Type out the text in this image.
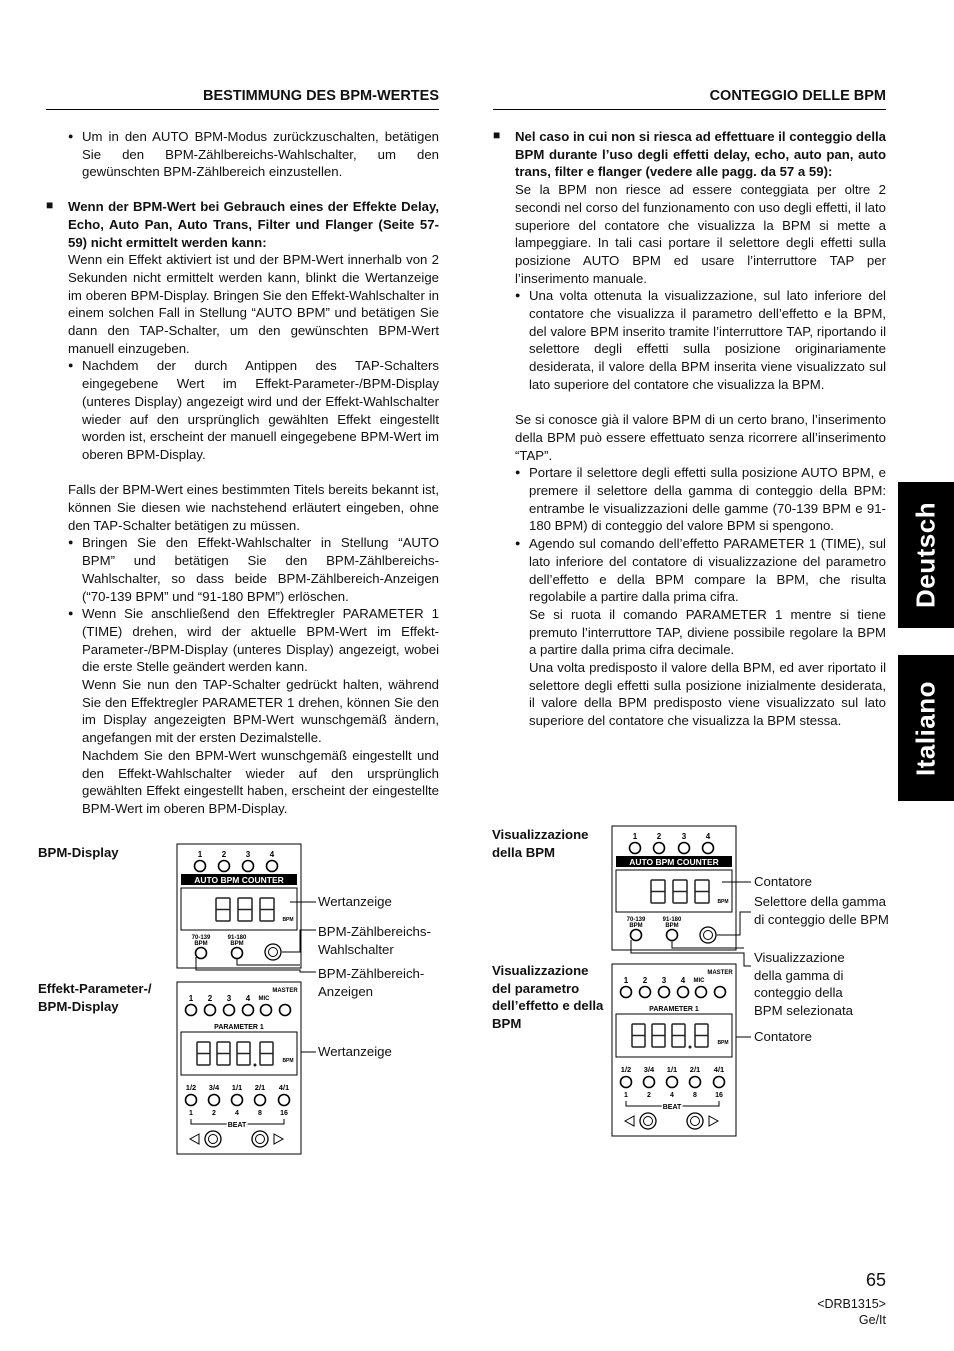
BESTIMMUNG DES BPM-WERTES
● Um in den AUTO BPM-Modus zurückzuschalten, betätigen Sie den BPM-Zählbereichs-Wahlschalter, um den gewünschten BPM-Zählbereich einzustellen.
■ Wenn der BPM-Wert bei Gebrauch eines der Effekte Delay, Echo, Auto Pan, Auto Trans, Filter und Flanger (Seite 57-59) nicht ermittelt werden kann:
Wenn ein Effekt aktiviert ist und der BPM-Wert innerhalb von 2 Sekunden nicht ermittelt werden kann, blinkt die Wertanzeige im oberen BPM-Display. Bringen Sie den Effekt-Wahlschalter in einem solchen Fall in Stellung “AUTO BPM” und betätigen Sie dann den TAP-Schalter, um den gewünschten BPM-Wert manuell einzugeben.
● Nachdem der durch Antippen des TAP-Schalters eingegebene Wert im Effekt-Parameter-/BPM-Display (unteres Display) angezeigt wird und der Effekt-Wahlschalter wieder auf den ursprünglich gewählten Effekt eingestellt worden ist, erscheint der manuell eingegebene BPM-Wert im oberen BPM-Display.
Falls der BPM-Wert eines bestimmten Titels bereits bekannt ist, können Sie diesen wie nachstehend erläutert eingeben, ohne den TAP-Schalter betätigen zu müssen.
● Bringen Sie den Effekt-Wahlschalter in Stellung “AUTO BPM” und betätigen Sie den BPM-Zählbereichs-Wahlschalter, so dass beide BPM-Zählbereich-Anzeigen (“70-139 BPM” und “91-180 BPM”) erlöschen.
● Wenn Sie anschließend den Effektregler PARAMETER 1 (TIME) drehen, wird der aktuelle BPM-Wert im Effekt-Parameter-/BPM-Display (unteres Display) angezeigt, wobei die erste Stelle geändert werden kann.
Wenn Sie nun den TAP-Schalter gedrückt halten, während Sie den Effektregler PARAMETER 1 drehen, können Sie den im Display angezeigten BPM-Wert wunschgemäß ändern, angefangen mit der ersten Dezimalstelle.
Nachdem Sie den BPM-Wert wunschgemäß eingestellt und den Effekt-Wahlschalter wieder auf den ursprünglich gewählten Effekt eingestellt haben, erscheint der eingestellte BPM-Wert im oberen BPM-Display.
CONTEGGIO DELLE BPM
■ Nel caso in cui non si riesca ad effettuare il conteggio della BPM durante l’uso degli effetti delay, echo, auto pan, auto trans, filter e flanger (vedere alle pagg. da 57 a 59):
Se la BPM non riesce ad essere conteggiata per oltre 2 secondi nel corso del funzionamento con uso degli effetti, il lato superiore del contatore che visualizza la BPM si mette a lampeggiare. In tali casi portare il selettore degli effetti sulla posizione AUTO BPM ed usare l’interruttore TAP per l’inserimento manuale.
● Una volta ottenuta la visualizzazione, sul lato inferiore del contatore che visualizza il parametro dell’effetto e la BPM, del valore BPM inserito tramite l’interruttore TAP, riportando il selettore degli effetti sulla posizione originariamente desiderata, il valore della BPM inserita viene visualizzato sul lato superiore del contatore che visualizza la BPM.
Se si conosce già il valore BPM di un certo brano, l’inserimento della BPM può essere effettuato senza ricorrere all’inserimento “TAP”.
● Portare il selettore degli effetti sulla posizione AUTO BPM, e premere il selettore della gamma di conteggio della BPM: entrambe le visualizzazioni delle gamme (70-139 BPM e 91-180 BPM) di conteggio del valore BPM si spengono.
● Agendo sul comando dell’effetto PARAMETER 1 (TIME), sul lato inferiore del contatore di visualizzazione del parametro dell’effetto e della BPM compare la BPM, che risulta regolabile a partire dalla prima cifra.
Se si ruota il comando PARAMETER 1 mentre si tiene premuto l’interruttore TAP, diviene possibile regolare la BPM a partire dalla prima cifra decimale.
Una volta predisposto il valore della BPM, ed aver riportato il selettore degli effetti sulla posizione inizialmente desiderata, il valore della BPM predisposto viene visualizzato sul lato superiore del contatore che visualizza la BPM stessa.
Deutsch
Italiano
BPM-Display
Effekt-Parameter-/ BPM-Display
Wertanzeige
BPM-Zählbereichs- Wahlschalter
BPM-Zählbereich- Anzeigen
Wertanzeige
Visualizzazione della BPM
Visualizzazione del parametro dell’effetto e della BPM
Contatore
Selettore della gamma di conteggio delle BPM
Visualizzazione della gamma di conteggio della BPM selezionata
Contatore
1 2 3 4
AUTO BPM COUNTER
BPM
70-139
BPM
91-180
BPM
1 2 3 4
MASTER
MIC
PARAMETER 1
BPM
1/2 3/4 1/1 2/1 4/1
1	2	4	8	16
BEAT
1 2	3 4
AUTO BPM COUNTER
BPM
70-139
BPM
91-180
BPM
1 2 3 4
MASTER
MIC
PARAMETER 1
BPM
1/2 3/4 1/1 2/1 4/1
1	2	4	8	16
BEAT
65
<DRB1315>
Ge/It
